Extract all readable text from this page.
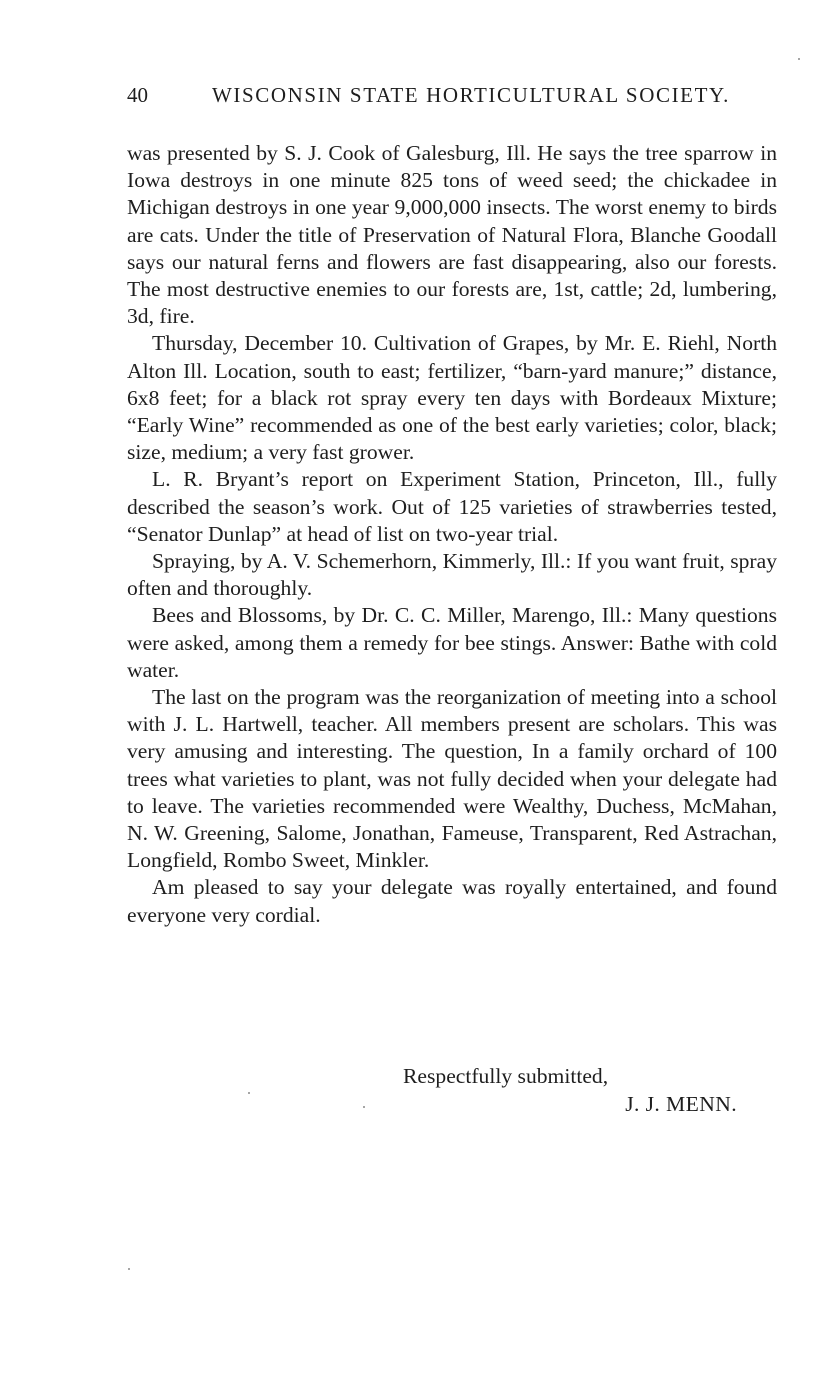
40	WISCONSIN STATE HORTICULTURAL SOCIETY.

was presented by S. J. Cook of Galesburg, Ill. He says the tree sparrow in Iowa destroys in one minute 825 tons of weed seed; the chickadee in Michigan destroys in one year 9,000,000 insects. The worst enemy to birds are cats. Under the title of Preservation of Natural Flora, Blanche Goodall says our natural ferns and flowers are fast disappearing, also our forests. The most destructive enemies to our forests are, 1st, cattle; 2d, lumbering, 3d, fire.

Thursday, December 10. Cultivation of Grapes, by Mr. E. Riehl, North Alton Ill. Location, south to east; fertilizer, “barn-yard manure;” distance, 6x8 feet; for a black rot spray every ten days with Bordeaux Mixture; “Early Wine” recommended as one of the best early varieties; color, black; size, medium; a very fast grower.

L. R. Bryant’s report on Experiment Station, Princeton, Ill., fully described the season’s work. Out of 125 varieties of strawberries tested, “Senator Dunlap” at head of list on two-year trial.

Spraying, by A. V. Schemerhorn, Kimmerly, Ill.: If you want fruit, spray often and thoroughly.

Bees and Blossoms, by Dr. C. C. Miller, Marengo, Ill.: Many questions were asked, among them a remedy for bee stings. Answer: Bathe with cold water.

The last on the program was the reorganization of meeting into a school with J. L. Hartwell, teacher. All members present are scholars. This was very amusing and interesting. The question, In a family orchard of 100 trees what varieties to plant, was not fully decided when your delegate had to leave. The varieties recommended were Wealthy, Duchess, McMahan, N. W. Greening, Salome, Jonathan, Fameuse, Transparent, Red Astrachan, Longfield, Rombo Sweet, Minkler.

Am pleased to say your delegate was royally entertained, and found everyone very cordial.

Respectfully submitted,
J. J. MENN.
